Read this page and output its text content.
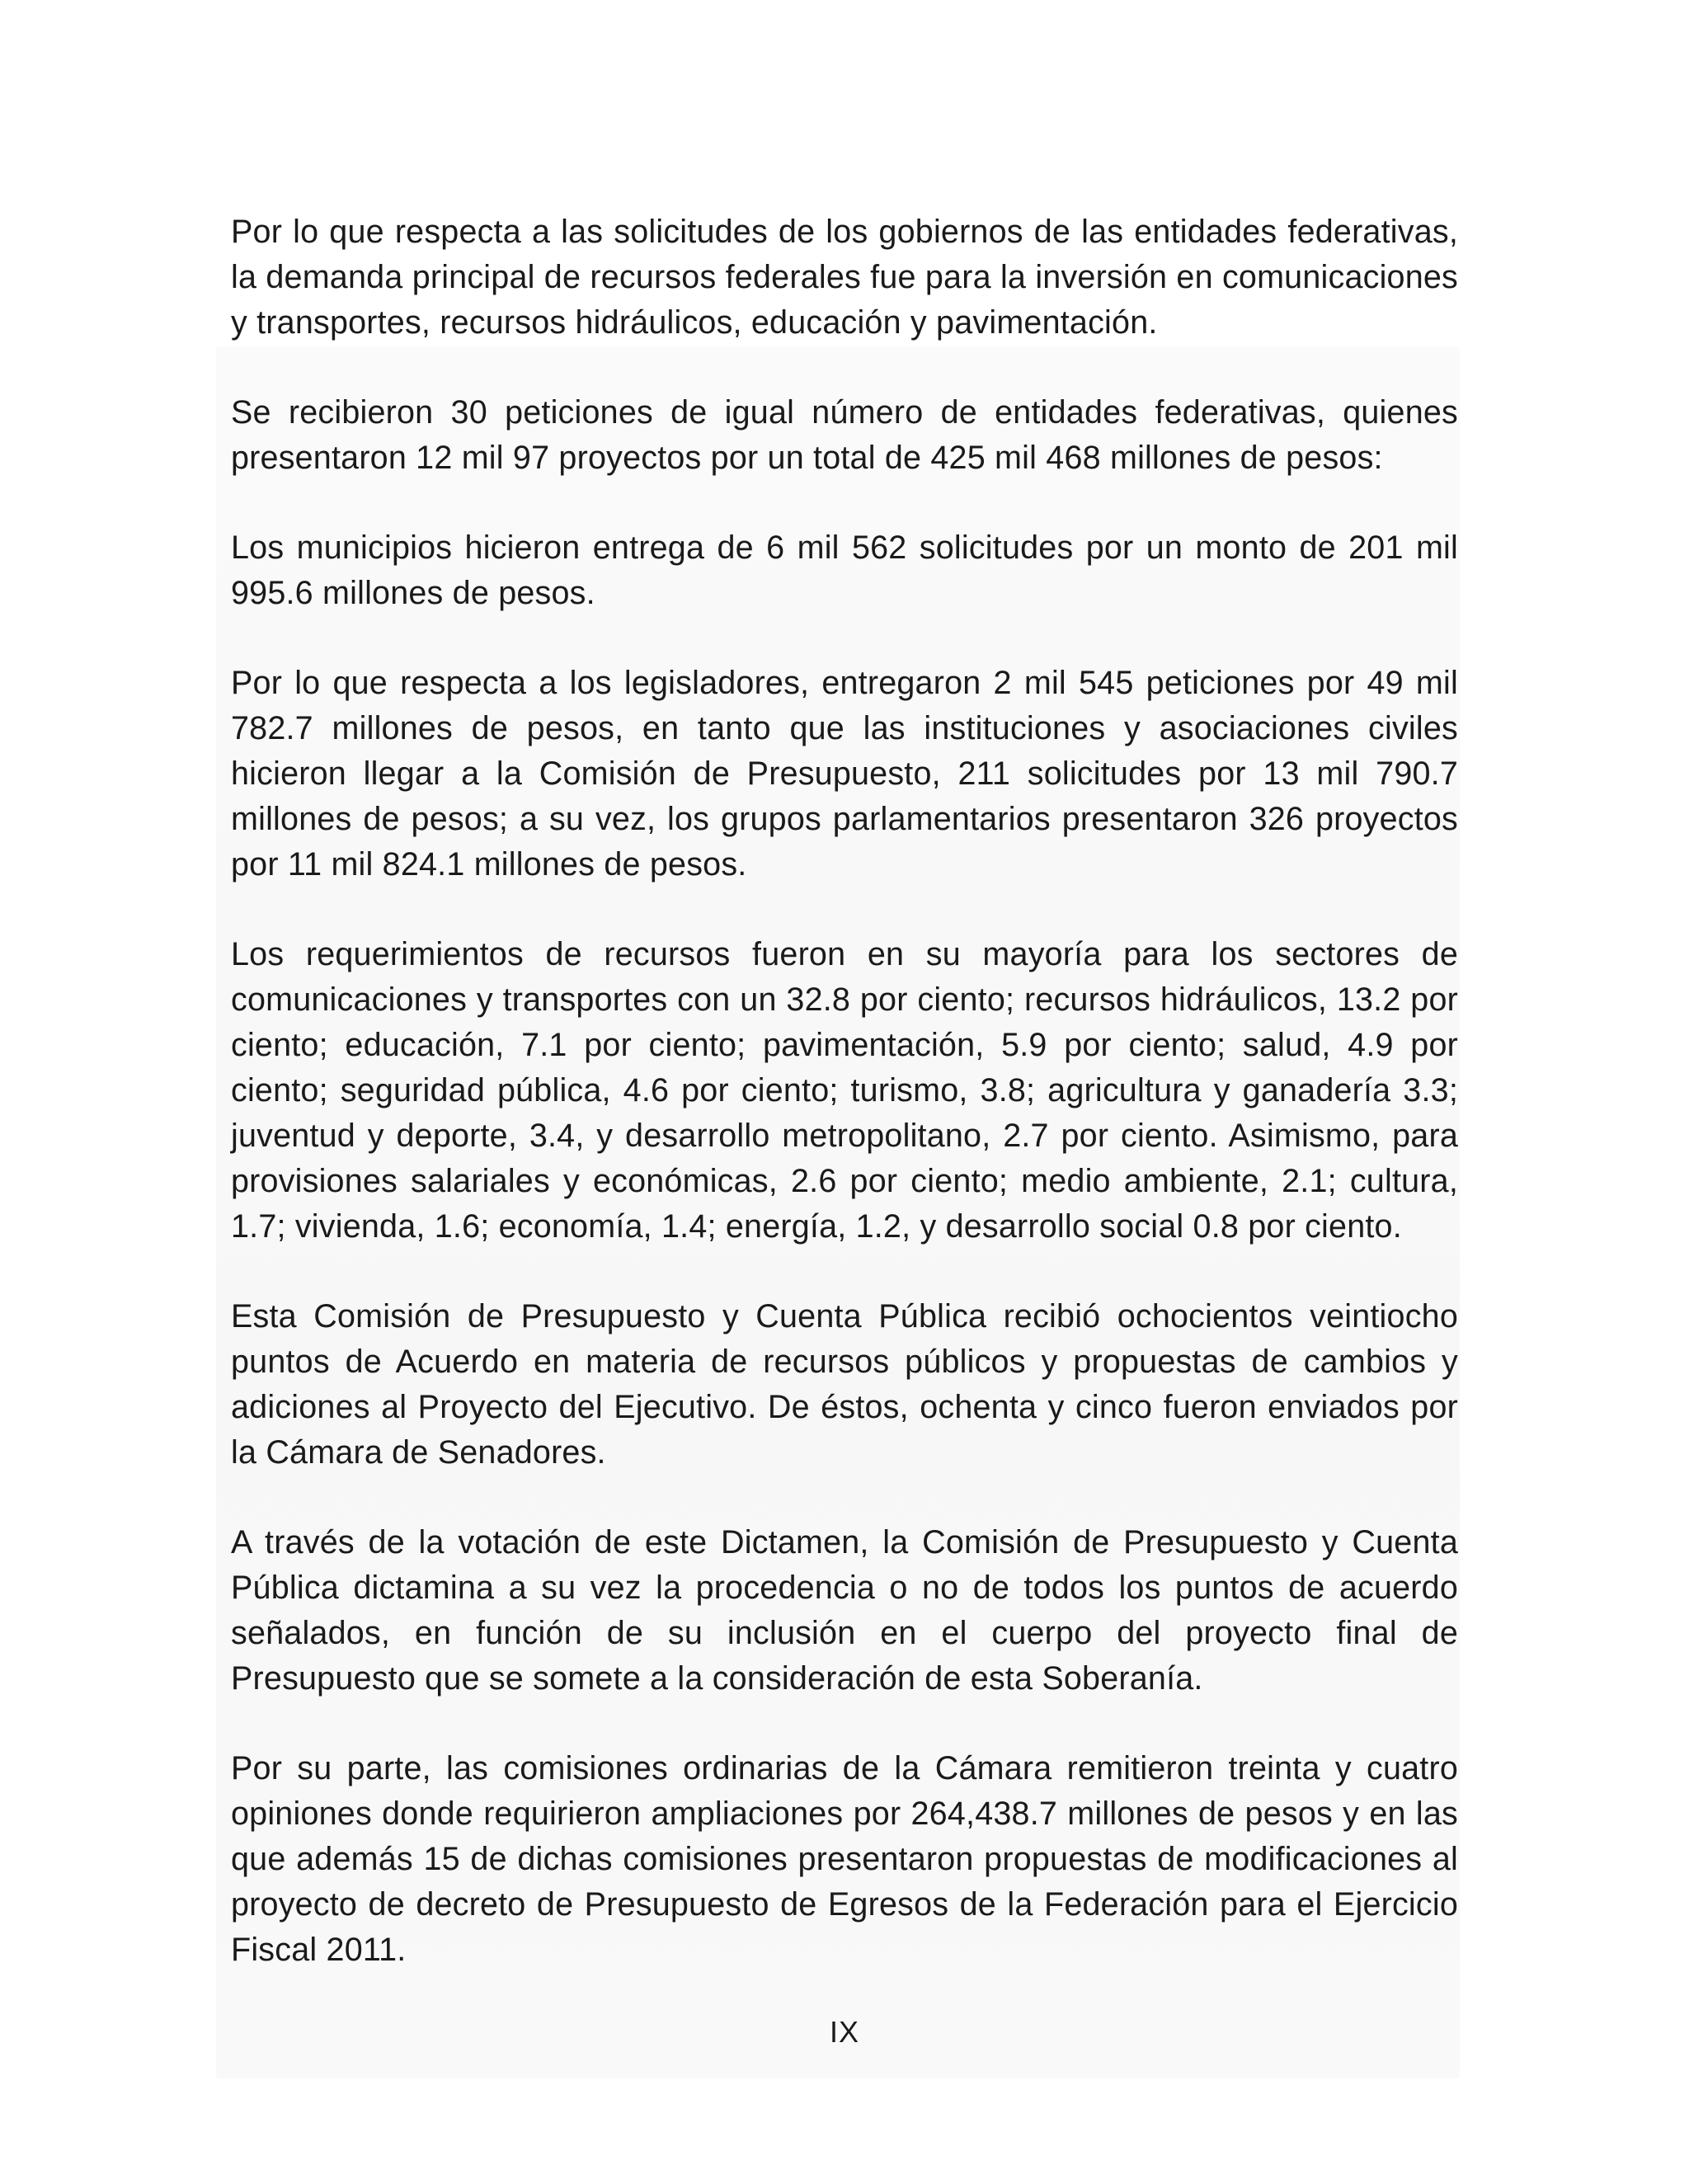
Por lo que respecta a las solicitudes de los gobiernos de las entidades federativas, la demanda principal de recursos federales fue para la inversión en comunicaciones y transportes, recursos hidráulicos, educación y pavimentación.

Se recibieron 30 peticiones de igual número de entidades federativas, quienes presentaron 12 mil 97 proyectos por un total de 425 mil 468 millones de pesos:

Los municipios hicieron entrega de 6 mil 562 solicitudes por un monto de 201 mil 995.6 millones de pesos.

Por lo que respecta a los legisladores, entregaron 2 mil 545 peticiones por 49 mil 782.7 millones de pesos, en tanto que las instituciones y asociaciones civiles hicieron llegar a la Comisión de Presupuesto, 211 solicitudes por 13 mil 790.7 millones de pesos; a su vez, los grupos parlamentarios presentaron 326 proyectos por 11 mil 824.1 millones de pesos.

Los requerimientos de recursos fueron en su mayoría para los sectores de comunicaciones y transportes con un 32.8 por ciento; recursos hidráulicos, 13.2 por ciento; educación, 7.1 por ciento; pavimentación, 5.9 por ciento; salud, 4.9 por ciento; seguridad pública, 4.6 por ciento; turismo, 3.8; agricultura y ganadería 3.3; juventud y deporte, 3.4, y desarrollo metropolitano, 2.7 por ciento. Asimismo, para provisiones salariales y económicas, 2.6 por ciento; medio ambiente, 2.1; cultura, 1.7; vivienda, 1.6; economía, 1.4; energía, 1.2, y desarrollo social 0.8 por ciento.

Esta Comisión de Presupuesto y Cuenta Pública recibió ochocientos veintiocho puntos de Acuerdo en materia de recursos públicos y propuestas de cambios y adiciones al Proyecto del Ejecutivo. De éstos, ochenta y cinco fueron enviados por la Cámara de Senadores.

A través de la votación de este Dictamen, la Comisión de Presupuesto y Cuenta Pública dictamina a su vez la procedencia o no de todos los puntos de acuerdo señalados, en función de su inclusión en el cuerpo del proyecto final de Presupuesto que se somete a la consideración de esta Soberanía.

Por su parte, las comisiones ordinarias de la Cámara remitieron treinta y cuatro opiniones donde requirieron ampliaciones por 264,438.7 millones de pesos y en las que además 15 de dichas comisiones presentaron propuestas de modificaciones al proyecto de decreto de Presupuesto de Egresos de la Federación para el Ejercicio Fiscal 2011.

IX
